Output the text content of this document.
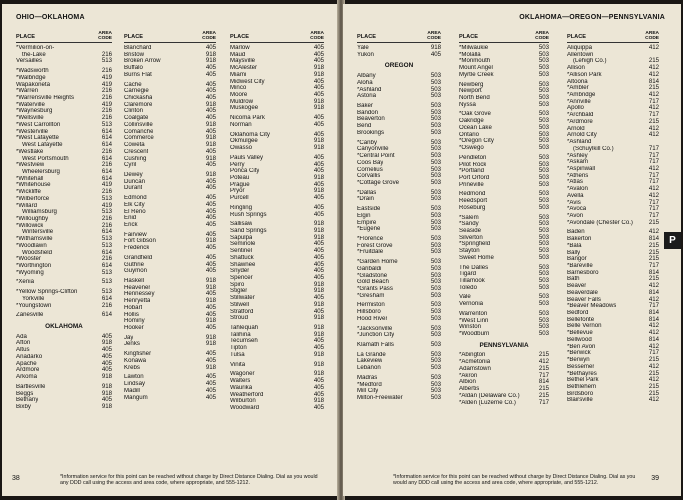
OHIO—OKLAHOMA
PLACE
AREA
CODE
*Vermilion-on-
the-Lake	216
Versailles	513
*Wadsworth	216
*Walbridge	419
Wapakoneta	419
*Warren	216
*Warrensville Heights	216
*Waterville	419
*Waynesburg	216
*Wellsville	216
*West Carrollton	513
*Westerville	614
*West Lafayette	614
West Lafayette	614
*Westlake	216
West Portsmouth	614
*Westview	216
Wheelersburg	614
*Whitehall	614
*Whitehouse	419
*Wickliffe	216
*Wilberforce	513
*Willard	419
Williamsburg	513
*Willoughby	216
*Willowick	216
Wintersville	614
*Withamsville	513
*Woodlawn	513
Woodsfield	614
*Wooster	216
*Worthington	614
*Wyoming	513
*Xenia	513
*Yellow Springs-Clifton	513
Yorkville	614
*Youngstown	216
Zanesville	614
OKLAHOMA
Ada	405
Afton	918
Altus	405
Anadarko	405
Apache	405
Ardmore	405
Arkoma	918
Bartlesville	918
Beggs	918
Bethany	405
Bixby	918
PLACE
AREA
CODE
Blanchard	405
Bristow	918
Broken Arrow	918
Buffalo	405
Burns Flat	405
Cache	405
Carnegie	405
Chickasha	405
Claremore	918
Clinton	405
Coalgate	405
Collinsville	918
Comanche	405
Commerce	918
Coweta	918
Crescent	405
Cushing	918
Cyril	405
Dewey	918
Duncan	405
Durant	405
Edmond	405
Elk City	405
El Reno	405
Enid	405
Erick	405
Fairview	405
Fort Gibson	918
Frederick	405
Grandfield	405
Guthrie	405
Guymon	405
Haskell	918
Heavener	918
Hennessey	405
Henryetta	918
Hobart	405
Hollis	405
Hominy	918
Hooker	405
Jay	918
Jenks	918
Kingfisher	405
Konawa	405
Krebs	918
Lawton	405
Lindsay	405
Madill	405
Mangum	405
PLACE
AREA
CODE
Marlow	405
Maud	405
Maysville	405
McAlester	918
Miami	918
Midwest City	405
Minco	405
Moore	405
Muldrow	918
Muskogee	918
Nicoma Park	405
Norman	405
Oklahoma City	405
Okmulgee	918
Owasso	918
Pauls Valley	405
Perry	405
Ponca City	405
Poteau	918
Prague	405
Pryor	918
Purcell	405
Ringling	405
Rush Springs	405
Sallisaw	918
Sand Springs	918
Sapulpa	918
Seminole	405
Sentinel	405
Shattuck	405
Shawnee	405
Snyder	405
Spencer	405
Spiro	918
Stigler	918
Stillwater	405
Stilwell	918
Stratford	405
Stroud	918
Tahlequah	918
Talihina	918
Tecumseh	405
Tipton	405
Tulsa	918
Vinita	918
Wagoner	918
Walters	405
Waurika	405
Weatherford	405
Wilburton	918
Woodward	405
38	*Information service for this point can be reached without charge by Direct Distance Dialing. Dial as you would any DDD call using the access and area code, where appropriate, and 555-1212.
OKLAHOMA—OREGON—PENNSYLVANIA
PLACE
AREA
CODE
Yale	918
Yukon	405
OREGON
Albany	503
Aloha	503
*Ashland	503
Astoria	503
Baker	503
Bandon	503
Beaverton	503
Bend	503
Brookings	503
*Canby	503
Canyonville	503
*Central Point	503
Coos Bay	503
Cornelius	503
Corvallis	503
*Cottage Grove	503
*Dallas	503
*Drain	503
Eastside	503
Elgin	503
Empire	503
*Eugene	503
*Florence	503
Forest Grove	503
*Fruitdale	503
*Garden Home	503
Garibaldi	503
*Gladstone	503
Gold Beach	503
*Grants Pass	503
*Gresham	503
Hermiston	503
Hillsboro	503
Hood River	503
*Jacksonville	503
*Junction City	503
Klamath Falls	503
La Grande	503
Lakeview	503
Lebanon	503
Madras	503
*Medford	503
Mill City	503
Milton-Freewater	503
PLACE
AREA
CODE
*Milwaukie	503
*Molalla	503
*Monmouth	503
Mount Angel	503
Myrtle Creek	503
Newberg	503
Newport	503
North Bend	503
Nyssa	503
*Oak Grove	503
Oakridge	503
Ocean Lake	503
Ontario	503
*Oregon City	503
*Oswego	503
Pendleton	503
Pilot Rock	503
*Portland	503
Port Orford	503
Prineville	503
Redmond	503
Reedsport	503
Roseburg	503
*Salem	503
*Sandy	503
Seaside	503
Silverton	503
*Springfield	503
Stayton	503
Sweet Home	503
The Dalles	503
Tigard	503
Tillamook	503
Toledo	503
Vale	503
Vernonia	503
Warrenton	503
*West Linn	503
Winston	503
*Woodburn	503
PENNSYLVANIA
*Abington	215
*Acmetonia	412
Adamstown	215
*Akron	717
Albion	814
Albertis	215
*Aldan (Delaware Co.)	215
*Alden (Luzerne Co.)	717
PLACE
AREA
CODE
Aliquippa	412
Allentown
(Lehigh Co.)	215
Allison	412
*Allison Park	412
Altoona	814
*Ambler	215
*Ambridge	412
*Annville	717
Apollo	412
*Archbald	717
*Ardmore	215
Arnold	412
Arnold City	412
*Ashland
(Schuylkill Co.)	717
*Ashley	717
*Askam	717
*Aspinwall	412
*Athens	717
*Atlas	717
*Avalon	412
Avella	412
*Avis	717
*Avoca	717
*Avon	717
*Avondale (Chester Co.)	215
Baden	412
Bakerton	814
*Bala	215
Bally	215
Bangor	215
*Bareville	717
Barnesboro	814
Bath	215
Beaver	412
Beaverdale	814
Beaver Falls	412
*Beaver Meadows	717
Bedford	814
Bellefonte	814
Belle Vernon	412
*Bellevue	412
Bellwood	814
*Ben Avon	412
*Berwick	717
*Berwyn	215
Bessemer	412
*Bethayres	215
Bethel Park	412
Bethlehem	215
Birdsboro	215
Blairsville	412
P
39
*Information service for this point can be reached without charge by Direct Distance Dialing. Dial as you would any DDD call using the access and area code, where appropriate, and 555-1212.
